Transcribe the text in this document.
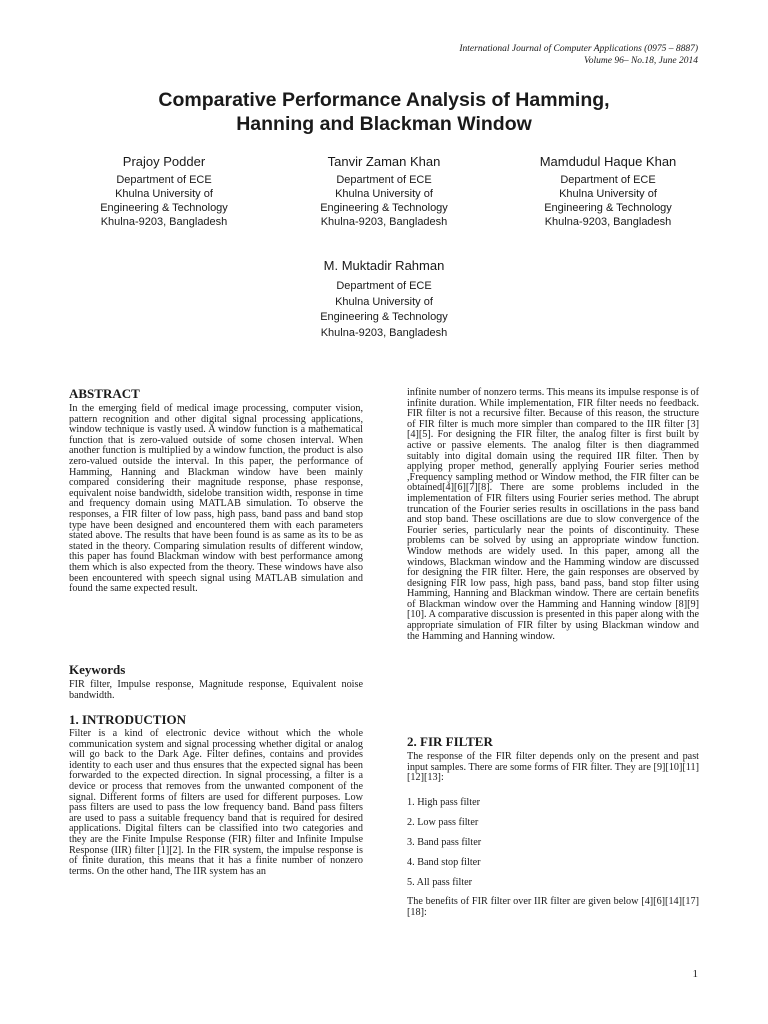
International Journal of Computer Applications (0975 – 8887)
Volume 96– No.18, June 2014
Comparative Performance Analysis of Hamming,
Hanning and Blackman Window
Prajoy Podder
Department of ECE
Khulna University of
Engineering & Technology
Khulna-9203, Bangladesh
Tanvir Zaman Khan
Department of ECE
Khulna University of
Engineering & Technology
Khulna-9203, Bangladesh
Mamdudul Haque Khan
Department of ECE
Khulna University of
Engineering & Technology
Khulna-9203, Bangladesh
M. Muktadir Rahman
Department of ECE
Khulna University of
Engineering & Technology
Khulna-9203, Bangladesh
ABSTRACT
In the emerging field of medical image processing, computer vision, pattern recognition and other digital signal processing applications, window technique is vastly used. A window function is a mathematical function that is zero-valued outside of some chosen interval. When another function is multiplied by a window function, the product is also zero-valued outside the interval. In this paper, the performance of Hamming, Hanning and Blackman window have been mainly compared considering their magnitude response, phase response, equivalent noise bandwidth, sidelobe transition width, response in time and frequency domain using MATLAB simulation. To observe the responses, a FIR filter of low pass, high pass, band pass and band stop type have been designed and encountered them with each parameters stated above. The results that have been found is as same as its to be as stated in the theory. Comparing simulation results of different window, this paper has found Blackman window with best performance among them which is also expected from the theory. These windows have also been encountered with speech signal using MATLAB simulation and found the same expected result.
Keywords
FIR filter, Impulse response, Magnitude response, Equivalent noise bandwidth.
1. INTRODUCTION
Filter is a kind of electronic device without which the whole communication system and signal processing whether digital or analog will go back to the Dark Age. Filter defines, contains and provides identity to each user and thus ensures that the expected signal has been forwarded to the expected direction. In signal processing, a filter is a device or process that removes from the unwanted component of the signal. Different forms of filters are used for different purposes. Low pass filters are used to pass the low frequency band. Band pass filters are used to pass a suitable frequency band that is required for desired applications. Digital filters can be classified into two categories and they are the Finite Impulse Response (FIR) filter and Infinite Impulse Response (IIR) filter [1][2]. In the FIR system, the impulse response is of finite duration, this means that it has a finite number of nonzero terms. On the other hand, The IIR system has an
infinite number of nonzero terms. This means its impulse response is of infinite duration. While implementation, FIR filter needs no feedback. FIR filter is not a recursive filter. Because of this reason, the structure of FIR filter is much more simpler than compared to the IIR filter [3][4][5]. For designing the FIR filter, the analog filter is first built by active or passive elements. The analog filter is then diagrammed suitably into digital domain using the required IIR filter. Then by applying proper method, generally applying Fourier series method ,Frequency sampling method or Window method, the FIR filter can be obtained[4][6][7][8]. There are some problems included in the implementation of FIR filters using Fourier series method. The abrupt truncation of the Fourier series results in oscillations in the pass band and stop band. These oscillations are due to slow convergence of the Fourier series, particularly near the points of discontinuity. These problems can be solved by using an appropriate window function. Window methods are widely used. In this paper, among all the windows, Blackman window and the Hamming window are discussed for designing the FIR filter. Here, the gain responses are observed by designing FIR low pass, high pass, band pass, band stop filter using Hamming, Hanning and Blackman window. There are certain benefits of Blackman window over the Hamming and Hanning window [8][9][10]. A comparative discussion is presented in this paper along with the appropriate simulation of FIR filter by using Blackman window and the Hamming and Hanning window.
2. FIR FILTER
The response of the FIR filter depends only on the present and past input samples. There are some forms of FIR filter. They are [9][10][11][12][13]:
1. High pass filter
2. Low pass filter
3. Band pass filter
4. Band stop filter
5. All pass filter
The benefits of FIR filter over IIR filter are given below [4][6][14][17][18]:
1
